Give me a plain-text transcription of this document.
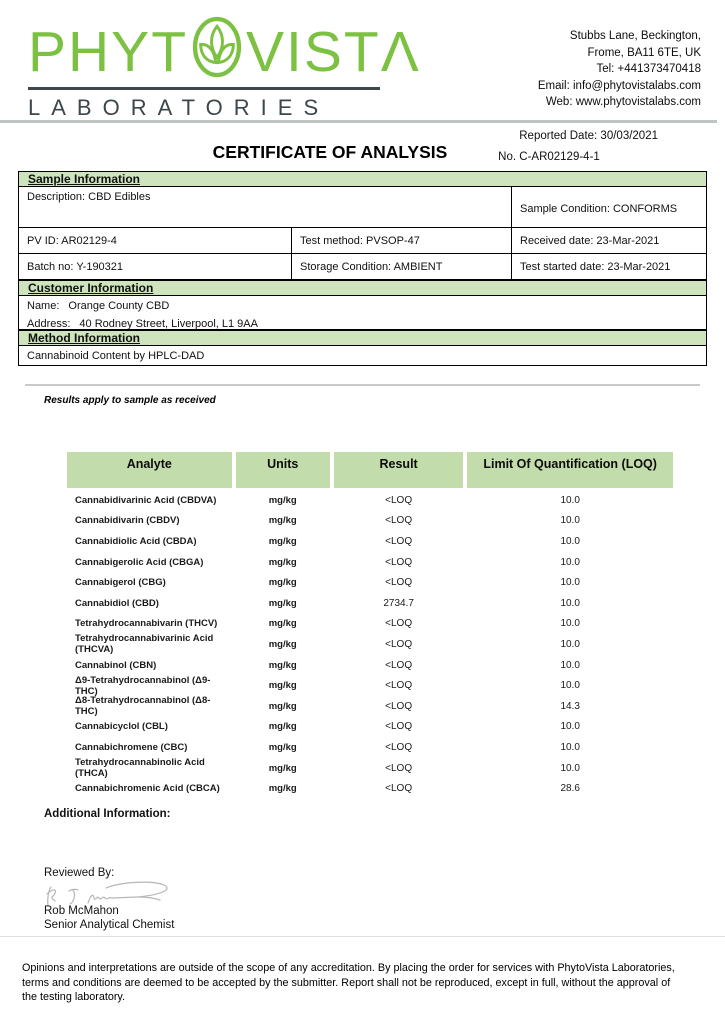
PHYT VIST Λ
LABORATORIES
Stubbs Lane, Beckington,
Frome, BA11 6TE, UK
Tel: +441373470418
Email: info@phytovistalabs.com
Web: www.phytovistalabs.com
Reported Date: 30/03/2021
No. C-AR02129-4-1
CERTIFICATE OF ANALYSIS
Sample Information
Description: CBD Edibles
Sample Condition: CONFORMS
PV ID: AR02129-4	Test method: PVSOP-47	Received date: 23-Mar-2021
Batch no: Y-190321	Storage Condition: AMBIENT	Test started date: 23-Mar-2021
Customer Information
Name: Orange County CBD
Address: 40 Rodney Street, Liverpool, L1 9AA
Method Information
Cannabinoid Content by HPLC-DAD
Results apply to sample as received
Analyte	Units	Result	Limit Of Quantification (LOQ)
Cannabidivarinic Acid (CBDVA)	mg/kg	<LOQ	10.0
Cannabidivarin (CBDV)	mg/kg	<LOQ	10.0
Cannabidiolic Acid (CBDA)	mg/kg	<LOQ	10.0
Cannabigerolic Acid (CBGA)	mg/kg	<LOQ	10.0
Cannabigerol (CBG)	mg/kg	<LOQ	10.0
Cannabidiol (CBD)	mg/kg	2734.7	10.0
Tetrahydrocannabivarin (THCV)	mg/kg	<LOQ	10.0
Tetrahydrocannabivarinic Acid (THCVA)	mg/kg	<LOQ	10.0
Cannabinol (CBN)	mg/kg	<LOQ	10.0
Δ9-Tetrahydrocannabinol (Δ9-THC)	mg/kg	<LOQ	10.0
Δ8-Tetrahydrocannabinol (Δ8-THC)	mg/kg	<LOQ	14.3
Cannabicyclol (CBL)	mg/kg	<LOQ	10.0
Cannabichromene (CBC)	mg/kg	<LOQ	10.0
Tetrahydrocannabinolic Acid (THCA)	mg/kg	<LOQ	10.0
Cannabichromenic Acid (CBCA)	mg/kg	<LOQ	28.6
Additional Information:
Reviewed By:
Rob McMahon
Senior Analytical Chemist
Opinions and interpretations are outside of the scope of any accreditation. By placing the order for services with PhytoVista Laboratories, terms and conditions are deemed to be accepted by the submitter. Report shall not be reproduced, except in full, without the approval of the testing laboratory.
